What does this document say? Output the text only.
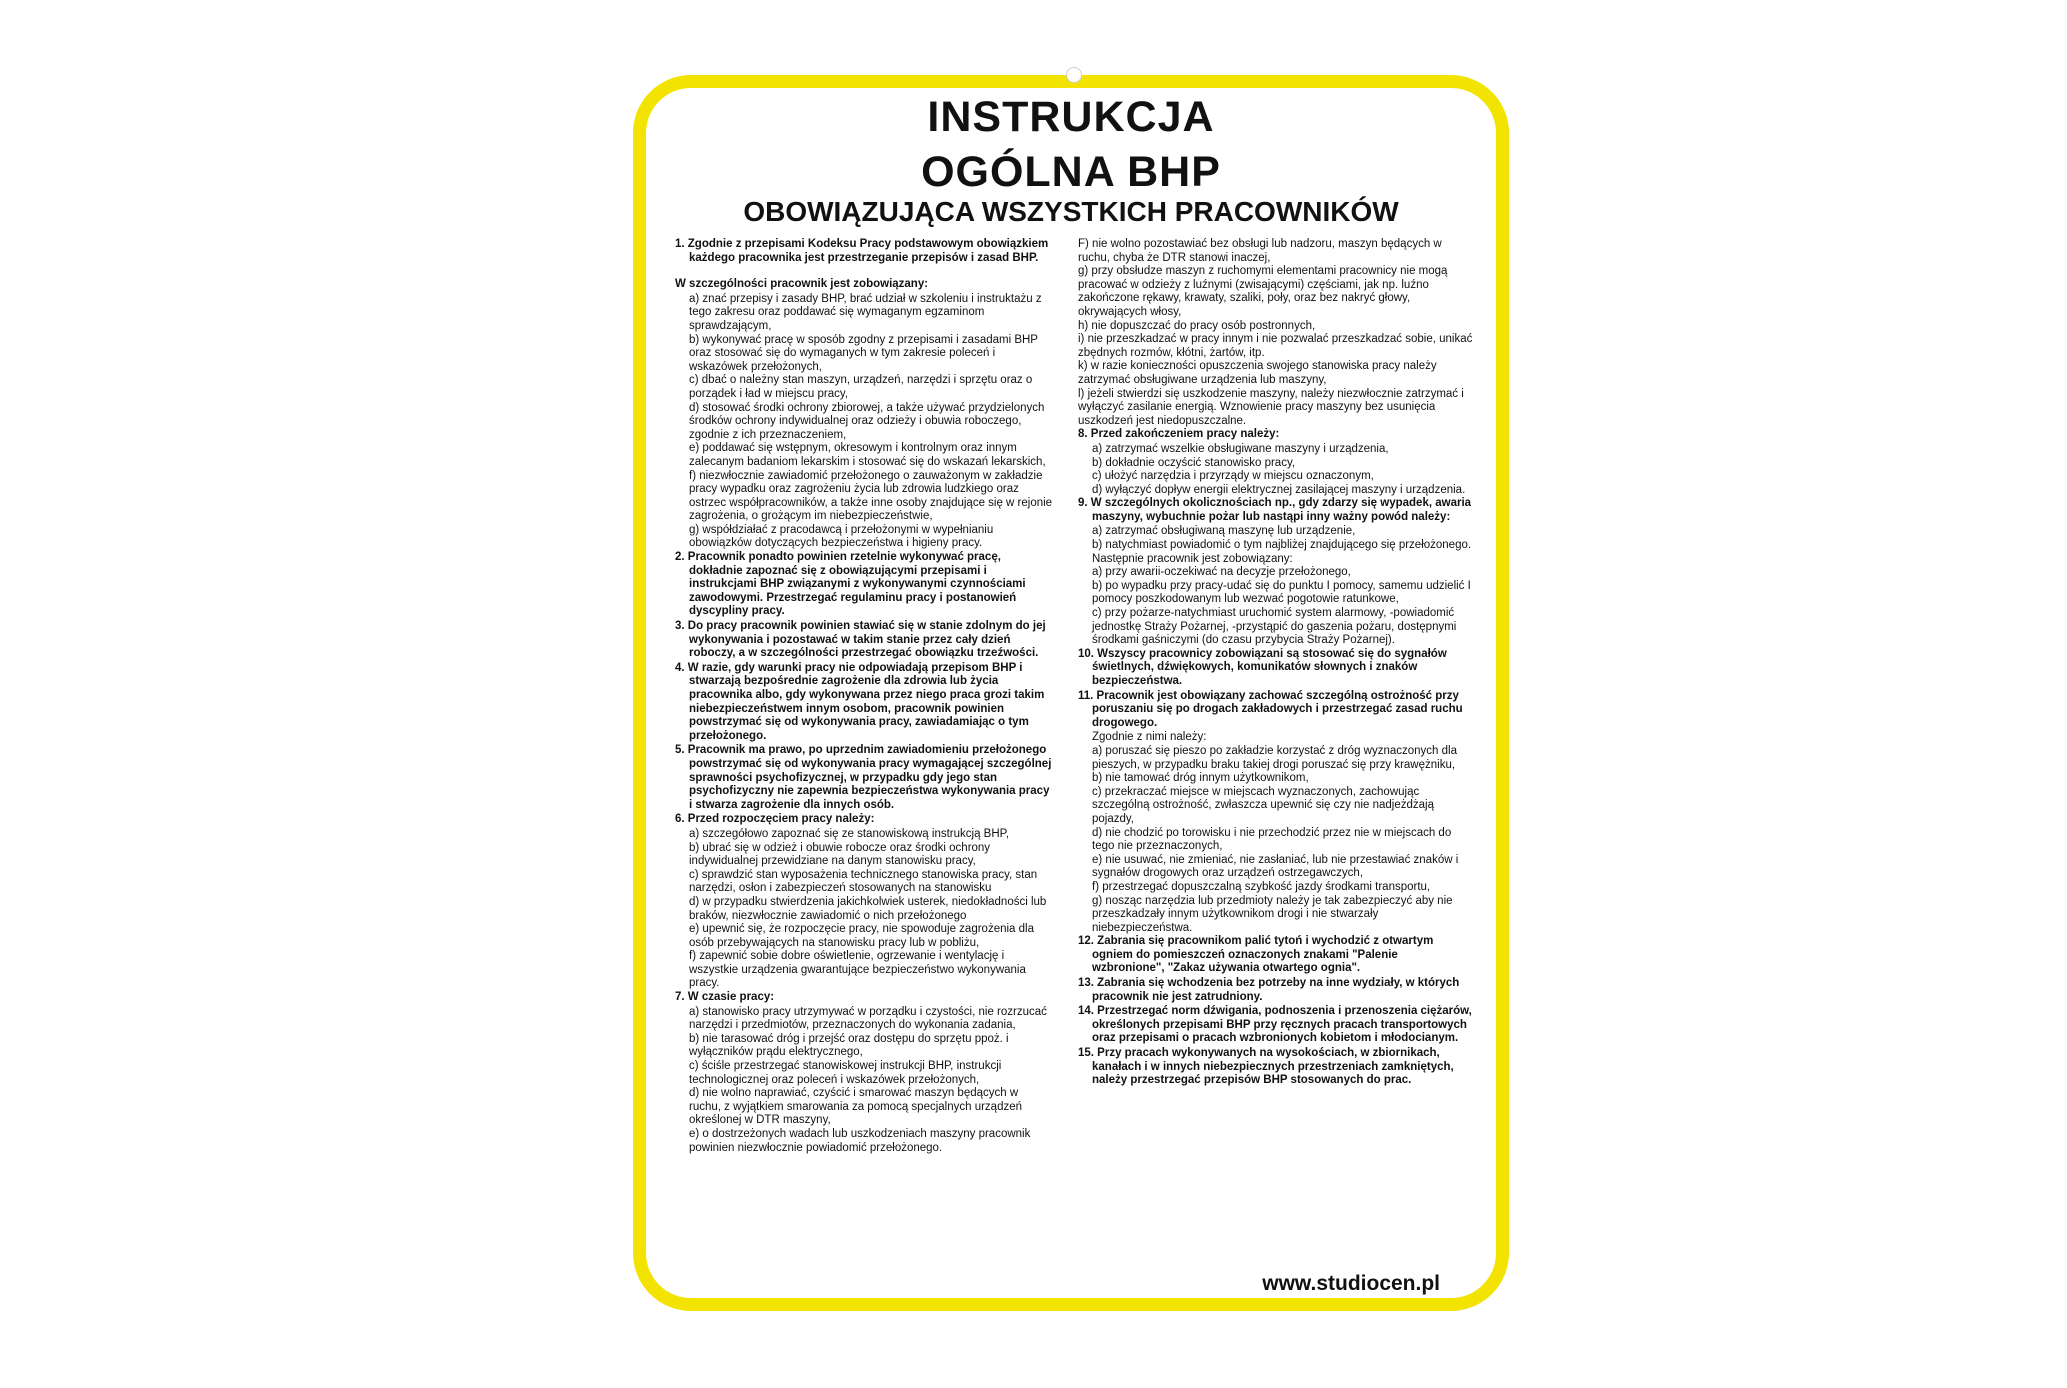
INSTRUKCJA
OGÓLNA BHP
OBOWIĄZUJĄCA WSZYSTKICH PRACOWNIKÓW
1. Zgodnie z przepisami Kodeksu Pracy podstawowym obowiązkiem każdego pracownika jest przestrzeganie przepisów i zasad BHP.
W szczególności pracownik jest zobowiązany:

a) znać przepisy i zasady BHP, brać udział w szkoleniu i instruktażu z tego zakresu oraz poddawać się wymaganym egzaminom sprawdzającym,

b) wykonywać pracę w sposób zgodny z przepisami i zasadami BHP oraz stosować się do wymaganych w tym zakresie poleceń i wskazówek przełożonych,

c) dbać o należny stan maszyn, urządzeń, narzędzi i sprzętu oraz o porządek i ład w miejscu pracy,

d) stosować środki ochrony zbiorowej, a także używać przydzielonych środków ochrony indywidualnej oraz odzieży i obuwia roboczego, zgodnie z ich przeznaczeniem,

e) poddawać się wstępnym, okresowym i kontrolnym oraz innym zalecanym badaniom lekarskim i stosować się do wskazań lekarskich,

f) niezwłocznie zawiadomić przełożonego o zauważonym w zakładzie pracy wypadku oraz zagrożeniu życia lub zdrowia ludzkiego oraz ostrzec współpracowników, a także inne osoby znajdujące się w rejonie zagrożenia, o grożącym im niebezpieczeństwie,

g) współdziałać z pracodawcą i przełożonymi w wypełnianiu obowiązków dotyczących bezpieczeństwa i higieny pracy.

2. Pracownik ponadto powinien rzetelnie wykonywać pracę, dokładnie zapoznać się z obowiązującymi przepisami i instrukcjami BHP związanymi z wykonywanymi czynnościami zawodowymi. Przestrzegać regulaminu pracy i postanowień dyscypliny pracy.
3. Do pracy pracownik powinien stawiać się w stanie zdolnym do jej wykonywania i pozostawać w takim stanie przez cały dzień roboczy, a w szczególności przestrzegać obowiązku trzeźwości.
4. W razie, gdy warunki pracy nie odpowiadają przepisom BHP i stwarzają bezpośrednie zagrożenie dla zdrowia lub życia pracownika albo, gdy wykonywana przez niego praca grozi takim niebezpieczeństwem innym osobom, pracownik powinien powstrzymać się od wykonywania pracy, zawiadamiając o tym przełożonego.
5. Pracownik ma prawo, po uprzednim zawiadomieniu przełożonego powstrzymać się od wykonywania pracy wymagającej szczególnej sprawności psychofizycznej, w przypadku gdy jego stan psychofizyczny nie zapewnia bezpieczeństwa wykonywania pracy i stwarza zagrożenie dla innych osób.
6. Przed rozpoczęciem pracy należy:

a) szczegółowo zapoznać się ze stanowiskową instrukcją BHP,

b) ubrać się w odzież i obuwie robocze oraz środki ochrony indywidualnej przewidziane na danym stanowisku pracy,

c) sprawdzić stan wyposażenia technicznego stanowiska pracy, stan narzędzi, osłon i zabezpieczeń stosowanych na stanowisku

d) w przypadku stwierdzenia jakichkolwiek usterek, niedokładności lub braków, niezwłocznie zawiadomić o nich przełożonego

e) upewnić się, że rozpoczęcie pracy, nie spowoduje zagrożenia dla osób przebywających na stanowisku pracy lub w pobliżu,

f) zapewnić sobie dobre oświetlenie, ogrzewanie i wentylację i wszystkie urządzenia gwarantujące bezpieczeństwo wykonywania pracy.

7. W czasie pracy:

a) stanowisko pracy utrzymywać w porządku i czystości, nie rozrzucać narzędzi i przedmiotów, przeznaczonych do wykonania zadania,

b) nie tarasować dróg i przejść oraz dostępu do sprzętu ppoż. i wyłączników prądu elektrycznego,

c) ściśle przestrzegać stanowiskowej instrukcji BHP, instrukcji technologicznej oraz poleceń i wskazówek przełożonych,

d) nie wolno naprawiać, czyścić i smarować maszyn będących w ruchu, z wyjątkiem smarowania za pomocą specjalnych urządzeń określonej w DTR maszyny,

e) o dostrzeżonych wadach lub uszkodzeniach maszyny pracownik powinien niezwłocznie powiadomić przełożonego.

F) nie wolno pozostawiać bez obsługi lub nadzoru, maszyn będących w ruchu, chyba że DTR stanowi inaczej,

g) przy obsłudze maszyn z ruchomymi elementami pracownicy nie mogą pracować w odzieży z luźnymi (zwisającymi) częściami, jak np. luźno zakończone rękawy, krawaty, szaliki, poły, oraz bez nakryć głowy, okrywających włosy,

h) nie dopuszczać do pracy osób postronnych,

i) nie przeszkadzać w pracy innym i nie pozwalać przeszkadzać sobie, unikać zbędnych rozmów, kłótni, żartów, itp.

k) w razie konieczności opuszczenia swojego stanowiska pracy należy zatrzymać obsługiwane urządzenia lub maszyny,

l) jeżeli stwierdzi się uszkodzenie maszyny, należy niezwłocznie zatrzymać i wyłączyć zasilanie energią. Wznowienie pracy maszyny bez usunięcia uszkodzeń jest niedopuszczalne.

8. Przed zakończeniem pracy należy:

a) zatrzymać wszelkie obsługiwane maszyny i urządzenia,

b) dokładnie oczyścić stanowisko pracy,

c) ułożyć narzędzia i przyrządy w miejscu oznaczonym,

d) wyłączyć dopływ energii elektrycznej zasilającej maszyny i urządzenia.

9. W szczególnych okolicznościach np., gdy zdarzy się wypadek, awaria maszyny, wybuchnie pożar lub nastąpi inny ważny powód należy:

a) zatrzymać obsługiwaną maszynę lub urządzenie,

b) natychmiast powiadomić o tym najbliżej znajdującego się przełożonego.

Następnie pracownik jest zobowiązany:

a) przy awarii-oczekiwać na decyzje przełożonego,

b) po wypadku przy pracy-udać się do punktu I pomocy, samemu udzielić I pomocy poszkodowanym lub wezwać pogotowie ratunkowe,

c) przy pożarze-natychmiast uruchomić system alarmowy, -powiadomić jednostkę Straży Pożarnej, -przystąpić do gaszenia pożaru, dostępnymi środkami gaśniczymi (do czasu przybycia Straży Pożarnej).

10. Wszyscy pracownicy zobowiązani są stosować się do sygnałów świetlnych, dźwiękowych, komunikatów słownych i znaków bezpieczeństwa.
11. Pracownik jest obowiązany zachować szczególną ostrożność przy poruszaniu się po drogach zakładowych i przestrzegać zasad ruchu drogowego.

Zgodnie z nimi należy:

a) poruszać się pieszo po zakładzie korzystać z dróg wyznaczonych dla pieszych, w przypadku braku takiej drogi poruszać się przy krawężniku,

b) nie tamować dróg innym użytkownikom,

c) przekraczać miejsce w miejscach wyznaczonych, zachowując szczególną ostrożność, zwłaszcza upewnić się czy nie nadjeżdżają pojazdy,

d) nie chodzić po torowisku i nie przechodzić przez nie w miejscach do tego nie przeznaczonych,

e) nie usuwać, nie zmieniać, nie zasłaniać, lub nie przestawiać znaków i sygnałów drogowych oraz urządzeń ostrzegawczych,

f) przestrzegać dopuszczalną szybkość jazdy środkami transportu,

g) nosząc narzędzia lub przedmioty należy je tak zabezpieczyć aby nie przeszkadzały innym użytkownikom drogi i nie stwarzały niebezpieczeństwa.

12. Zabrania się pracownikom palić tytoń i wychodzić z otwartym ogniem do pomieszczeń oznaczonych znakami "Palenie wzbronione", "Zakaz używania otwartego ognia".
13. Zabrania się wchodzenia bez potrzeby na inne wydziały, w których pracownik nie jest zatrudniony.
14. Przestrzegać norm dźwigania, podnoszenia i przenoszenia ciężarów, określonych przepisami BHP przy ręcznych pracach transportowych oraz przepisami o pracach wzbronionych kobietom i młodocianym.
15. Przy pracach wykonywanych na wysokościach, w zbiornikach, kanałach i w innych niebezpiecznych przestrzeniach zamkniętych, należy przestrzegać przepisów BHP stosowanych do prac.
www.studiocen.pl
